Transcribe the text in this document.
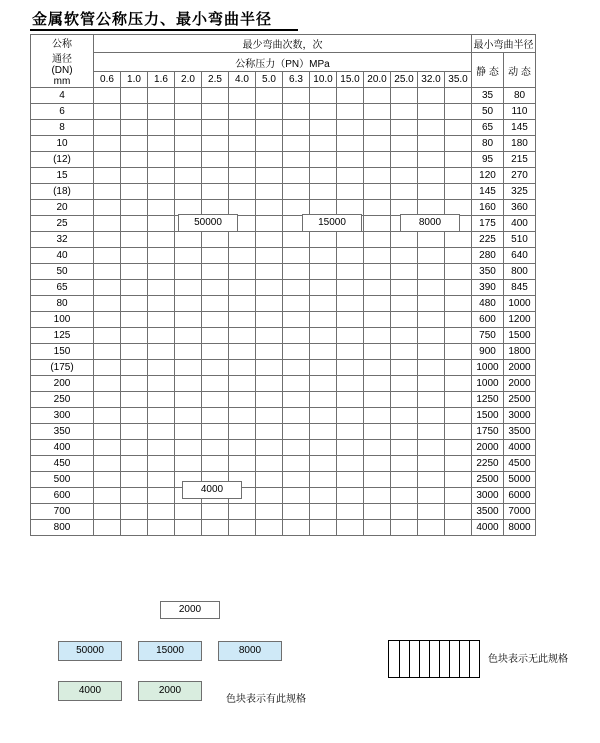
金属软管公称压力、最小弯曲半径
公称
通径
(DN)
mm	最少弯曲次数，次														最小弯曲半径	
	公称压力（PN）MPa														静 态	动 态
	0.6	1.0	1.6	2.0	2.5	4.0	5.0	6.3	10.0	15.0	20.0	25.0	32.0	35.0		
4															35	80
6															50	110
8															65	145
10															80	180
(12)															95	215
15															120	270
(18)															145	325
20															160	360
25															175	400
32															225	510
40															280	640
50															350	800
65															390	845
80															480	1000
100															600	1200
125															750	1500
150															900	1800
(175)															1000	2000
200															1000	2000
250															1250	2500
300															1500	3000
350															1750	3500
400															2000	4000
450															2250	4500
500															2500	5000
600															3000	6000
700															3500	7000
800															4000	8000
50000	15000	8000
4000
2000
50000	15000	8000
色块表示无此规格
4000	2000
色块表示有此规格
